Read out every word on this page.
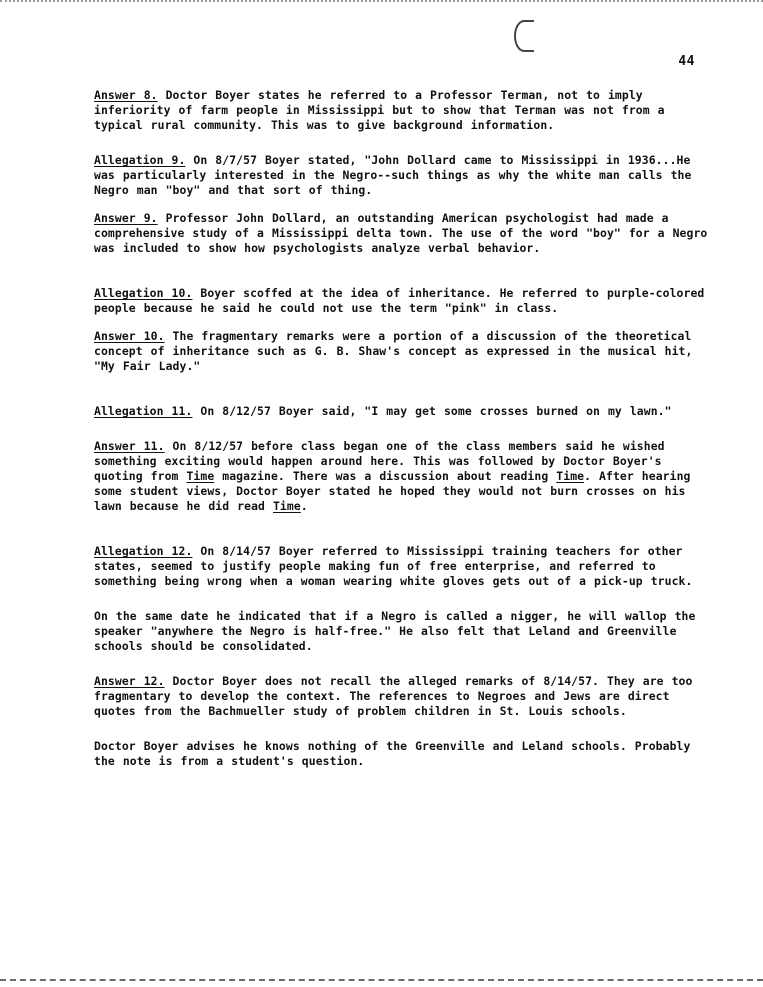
44

Answer 8. Doctor Boyer states he referred to a Professor Terman, not to imply inferiority of farm people in Mississippi but to show that Terman was not from a typical rural community. This was to give background information.

Allegation 9. On 8/7/57 Boyer stated, "John Dollard came to Mississippi in 1936...He was particularly interested in the Negro--such things as why the white man calls the Negro man "boy" and that sort of thing.

Answer 9. Professor John Dollard, an outstanding American psychologist had made a comprehensive study of a Mississippi delta town. The use of the word "boy" for a Negro was included to show how psychologists analyze verbal behavior.

Allegation 10. Boyer scoffed at the idea of inheritance. He referred to purple-colored people because he said he could not use the term "pink" in class.

Answer 10. The fragmentary remarks were a portion of a discussion of the theoretical concept of inheritance such as G. B. Shaw's concept as expressed in the musical hit, "My Fair Lady."

Allegation 11. On 8/12/57 Boyer said, "I may get some crosses burned on my lawn."

Answer 11. On 8/12/57 before class began one of the class members said he wished something exciting would happen around here. This was followed by Doctor Boyer's quoting from Time magazine. There was a discussion about reading Time. After hearing some student views, Doctor Boyer stated he hoped they would not burn crosses on his lawn because he did read Time.

Allegation 12. On 8/14/57 Boyer referred to Mississippi training teachers for other states, seemed to justify people making fun of free enterprise, and referred to something being wrong when a woman wearing white gloves gets out of a pick-up truck.

On the same date he indicated that if a Negro is called a nigger, he will wallop the speaker "anywhere the Negro is half-free." He also felt that Leland and Greenville schools should be consolidated.

Answer 12. Doctor Boyer does not recall the alleged remarks of 8/14/57. They are too fragmentary to develop the context. The references to Negroes and Jews are direct quotes from the Bachmueller study of problem children in St. Louis schools.

Doctor Boyer advises he knows nothing of the Greenville and Leland schools. Probably the note is from a student's question.
